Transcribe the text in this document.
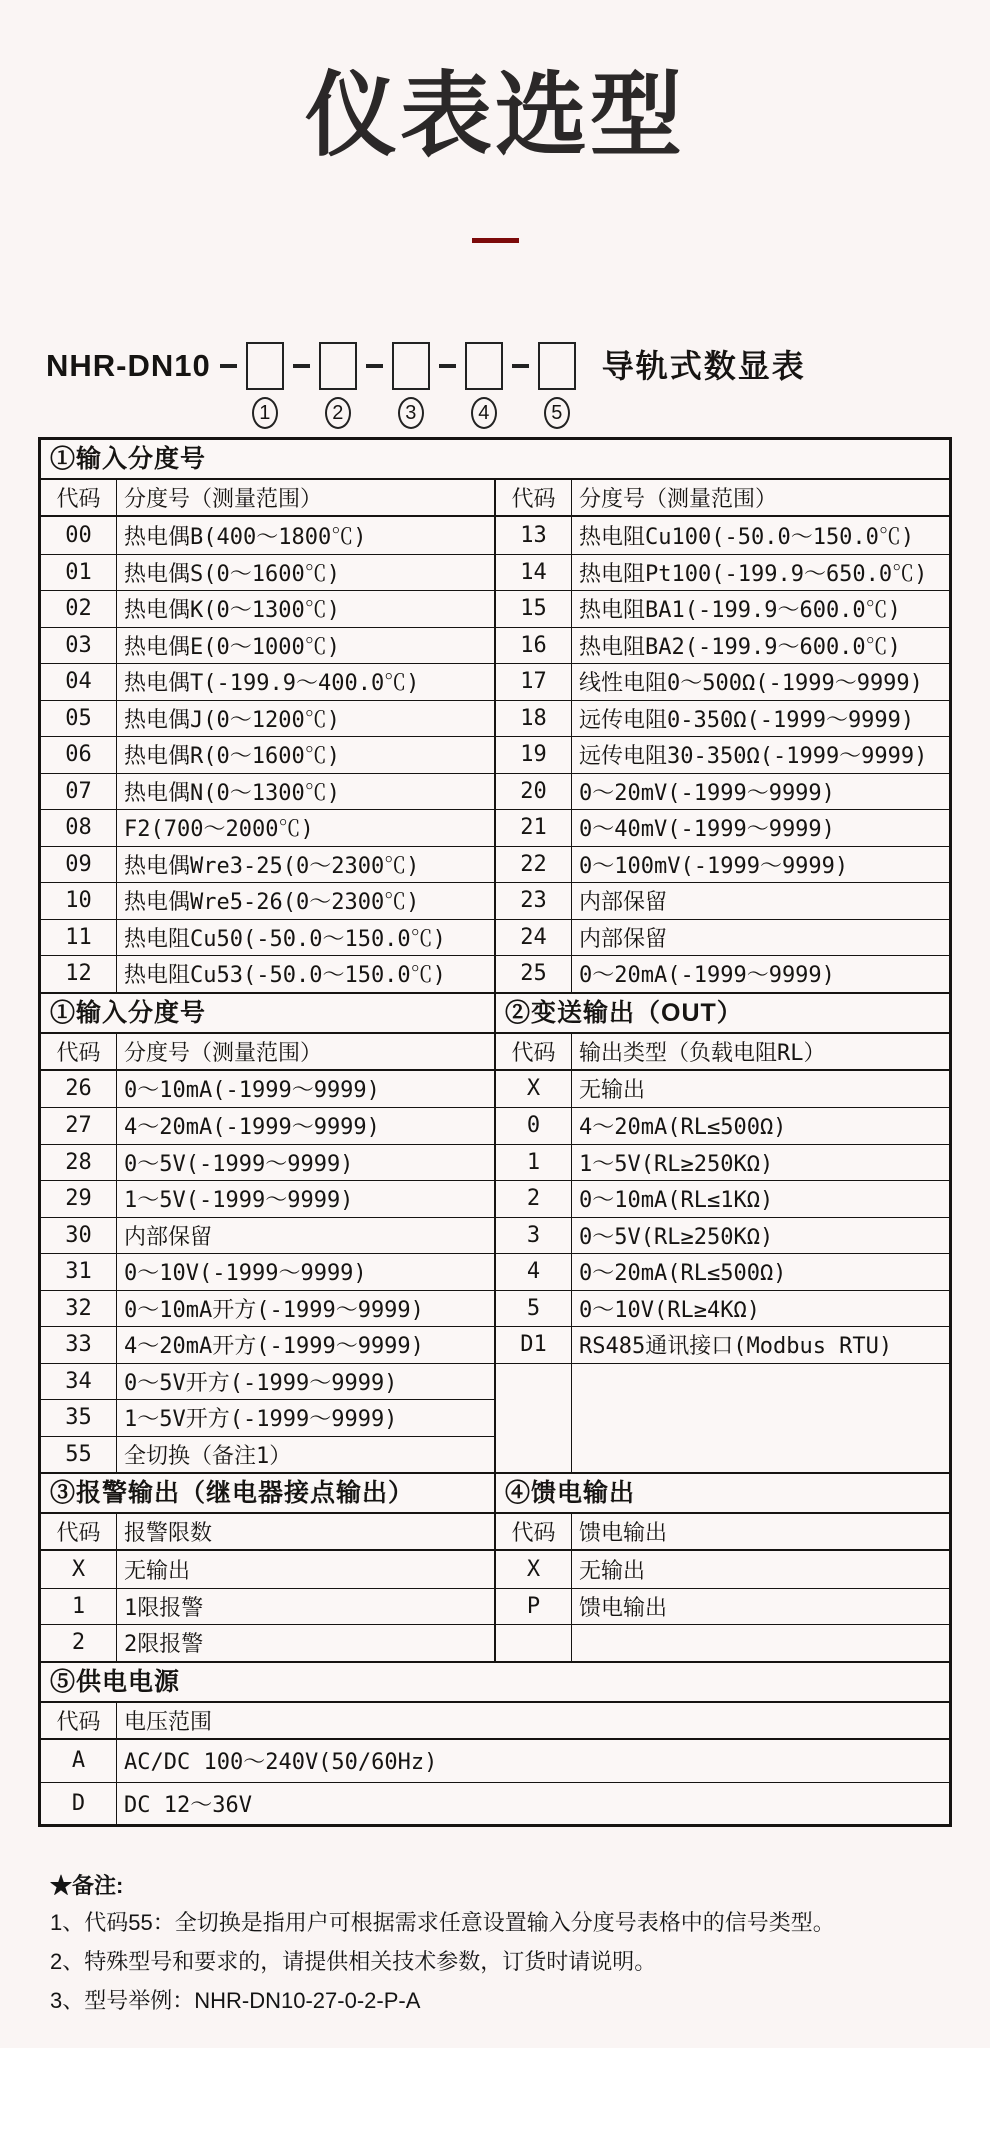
仪表选型
NHR-DN10
1	2	3	4	5
导轨式数显表
①输入分度号
代码	分度号（测量范围）
00	热电偶B(400～1800℃)
01	热电偶S(0～1600℃)
02	热电偶K(0～1300℃)
03	热电偶E(0～1000℃)
04	热电偶T(-199.9～400.0℃)
05	热电偶J(0～1200℃)
06	热电偶R(0～1600℃)
07	热电偶N(0～1300℃)
08	F2(700～2000℃)
09	热电偶Wre3-25(0～2300℃)
10	热电偶Wre5-26(0～2300℃)
11	热电阻Cu50(-50.0～150.0℃)
12	热电阻Cu53(-50.0～150.0℃)
代码	分度号（测量范围）
13	热电阻Cu100(-50.0～150.0℃)
14	热电阻Pt100(-199.9～650.0℃)
15	热电阻BA1(-199.9～600.0℃)
16	热电阻BA2(-199.9～600.0℃)
17	线性电阻0～500Ω(-1999～9999)
18	远传电阻0-350Ω(-1999～9999)
19	远传电阻30-350Ω(-1999～9999)
20	0～20mV(-1999～9999)
21	0～40mV(-1999～9999)
22	0～100mV(-1999～9999)
23	内部保留
24	内部保留
25	0～20mA(-1999～9999)
①输入分度号
代码	分度号（测量范围）
26	0～10mA(-1999～9999)
27	4～20mA(-1999～9999)
28	0～5V(-1999～9999)
29	1～5V(-1999～9999)
30	内部保留
31	0～10V(-1999～9999)
32	0～10mA开方(-1999～9999)
33	4～20mA开方(-1999～9999)
34	0～5V开方(-1999～9999)
35	1～5V开方(-1999～9999)
55	全切换（备注1）
②变送输出（OUT）
代码	输出类型（负载电阻RL）
X	无输出
0	4～20mA(RL≤500Ω)
1	1～5V(RL≥250KΩ)
2	0～10mA(RL≤1KΩ)
3	0～5V(RL≥250KΩ)
4	0～20mA(RL≤500Ω)
5	0～10V(RL≥4KΩ)
D1	RS485通讯接口(Modbus RTU)
③报警输出（继电器接点输出）
代码	报警限数
X	无输出
1	1限报警
2	2限报警
④馈电输出
代码	馈电输出
X	无输出
P	馈电输出
⑤供电电源
代码	电压范围
A	AC/DC 100～240V(50/60Hz)
D	DC 12～36V
★备注:
1、代码55：全切换是指用户可根据需求任意设置输入分度号表格中的信号类型。
2、特殊型号和要求的，请提供相关技术参数，订货时请说明。
3、型号举例：NHR-DN10-27-0-2-P-A
